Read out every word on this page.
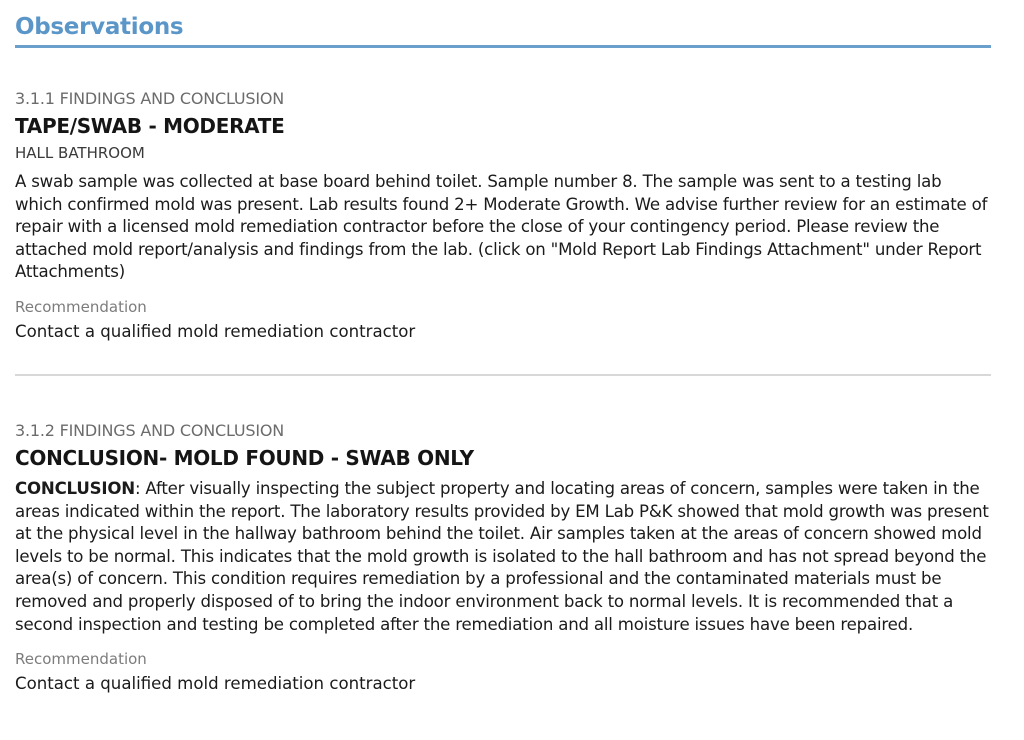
Observations
3.1.1 FINDINGS AND CONCLUSION
TAPE/SWAB - MODERATE
HALL BATHROOM
A swab sample was collected at base board behind toilet. Sample number 8. The sample was sent to a testing lab which confirmed mold was present. Lab results found 2+ Moderate Growth. We advise further review for an estimate of repair with a licensed mold remediation contractor before the close of your contingency period. Please review the attached mold report/analysis and findings from the lab. (click on "Mold Report Lab Findings Attachment" under Report Attachments)
Recommendation
Contact a qualified mold remediation contractor
3.1.2 FINDINGS AND CONCLUSION
CONCLUSION- MOLD FOUND - SWAB ONLY
CONCLUSION: After visually inspecting the subject property and locating areas of concern, samples were taken in the areas indicated within the report. The laboratory results provided by EM Lab P&K showed that mold growth was present at the physical level in the hallway bathroom behind the toilet. Air samples taken at the areas of concern showed mold levels to be normal. This indicates that the mold growth is isolated to the hall bathroom and has not spread beyond the area(s) of concern. This condition requires remediation by a professional and the contaminated materials must be removed and properly disposed of to bring the indoor environment back to normal levels. It is recommended that a second inspection and testing be completed after the remediation and all moisture issues have been repaired.
Recommendation
Contact a qualified mold remediation contractor
